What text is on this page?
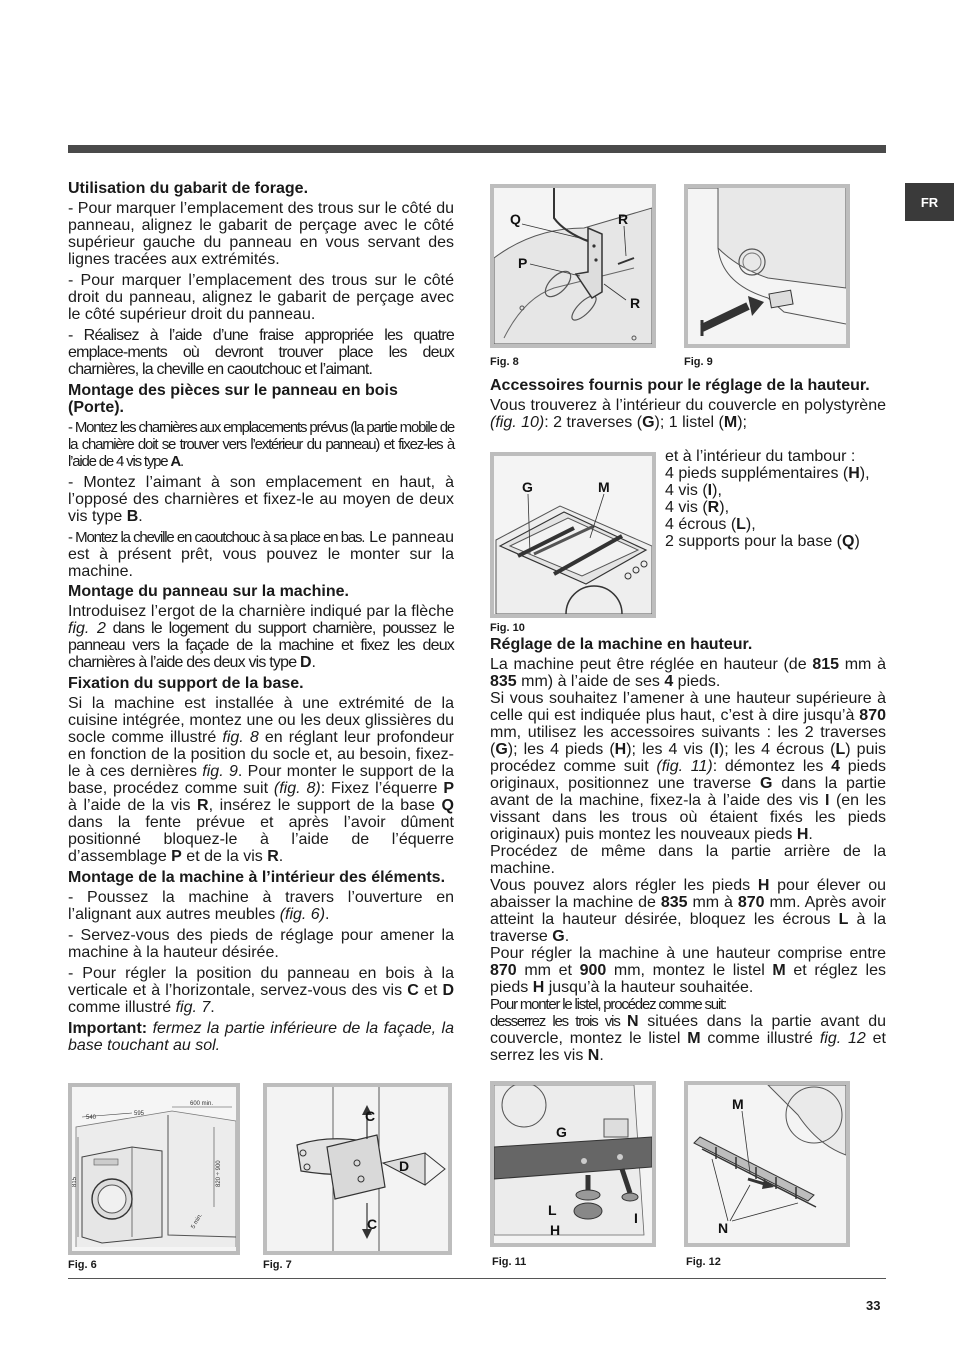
FR
Utilisation du gabarit de forage.

- Pour marquer l’emplacement des trous sur le côté du panneau, alignez le gabarit de perçage avec le côté supérieur gauche du panneau en vous servant des lignes tracées aux extrémités.

- Pour marquer l’emplacement des trous sur le côté droit du panneau, alignez le gabarit de perçage avec le côté supérieur droit du panneau.

- Réalisez à l’aide d’une fraise appropriée les quatre emplace-ments où devront trouver place les deux charnières, la cheville en caoutchouc et l’aimant.

Montage des pièces sur le panneau en bois (Porte).

- Montez les charnières aux emplacements prévus (la partie mobile de la charnière doit se trouver vers l’extérieur du panneau) et fixez-les à l’aide de 4 vis type A.

- Montez l’aimant à son emplacement en haut, à l’opposé des charnières et fixez-le au moyen de deux vis type B.

- Montez la cheville en caoutchouc à sa place en bas. Le panneau est à présent prêt, vous pouvez le monter sur la machine.

Montage du panneau sur la machine.

Introduisez l’ergot de la charnière indiqué par la flèche fig. 2 dans le logement du support charnière, poussez le panneau vers la façade de la machine et fixez les deux charnières à l’aide des deux vis type D.

Fixation du support de la base.

Si la machine est installée à une extrémité de la cuisine intégrée, montez une ou les deux glissières du socle comme illustré fig. 8 en réglant leur profondeur en fonction de la position du socle et, au besoin, fixez-le à ces dernières fig. 9. Pour monter le support de la base, procédez comme suit (fig. 8): Fixez l’équerre P à l’aide de la vis R, insérez le support de la base Q dans la fente prévue et après l’avoir dûment positionné bloquez-le à l’aide de l’équerre d’assemblage P et de la vis R.

Montage de la machine à l’intérieur des éléments.

- Poussez la machine à travers l’ouverture en l’alignant aux autres meubles (fig. 6).

- Servez-vous des pieds de réglage pour amener la machine à la hauteur désirée.

- Pour régler la position du panneau en bois à la verticale et à l’horizontale, servez-vous des vis C et D comme illustré fig. 7.

Important: fermez la partie inférieure de la façade, la base touchant au sol.

Accessoires fournis pour le réglage de la hauteur.

Vous trouverez à l’intérieur du couvercle en polystyrène (fig. 10): 2 traverses (G); 1 listel (M);

et à l’intérieur du tambour :
4 pieds supplémentaires (H),
4 vis (I),
4 vis (R),
4 écrous (L),
2 supports pour la base (Q)
Réglage de la machine en hauteur.

La machine peut être réglée en hauteur (de 815 mm à 835 mm) à l’aide de ses 4 pieds.

Si vous souhaitez l’amener à une hauteur supérieure à celle qui est indiquée plus haut, c’est à dire jusqu’à 870 mm, utilisez les accessoires suivants : les 2 traverses (G); les 4 pieds (H); les 4 vis (I); les 4 écrous (L) puis procédez comme suit (fig. 11): démontez les 4 pieds originaux, positionnez une traverse G dans la partie avant de la machine, fixez-la à l’aide des vis I (en les vissant dans les trous où étaient fixés les pieds originaux) puis montez les nouveaux pieds H.

Procédez de même dans la partie arrière de la machine.

Vous pouvez alors régler les pieds H pour élever ou abaisser la machine de 835 mm à 870 mm. Après avoir atteint la hauteur désirée, bloquez les écrous L à la traverse G.

Pour régler la machine à une hauteur comprise entre 870 mm et 900 mm, montez le listel M et réglez les pieds H jusqu’à la hauteur souhaitée.

Pour monter le listel, procédez comme suit:

desserrez les trois vis N situées dans la partie avant du couvercle, montez le listel M comme illustré fig. 12 et serrez les vis N.

Q	R
P
R
Fig. 8	Fig. 9
G	M
Fig. 10
540
595
600 min.
815	820 ÷ 900
5 min.
Fig. 6
C
D
C
Fig. 7
G
L
H
I
Fig. 11
M
N
Fig. 12
33
